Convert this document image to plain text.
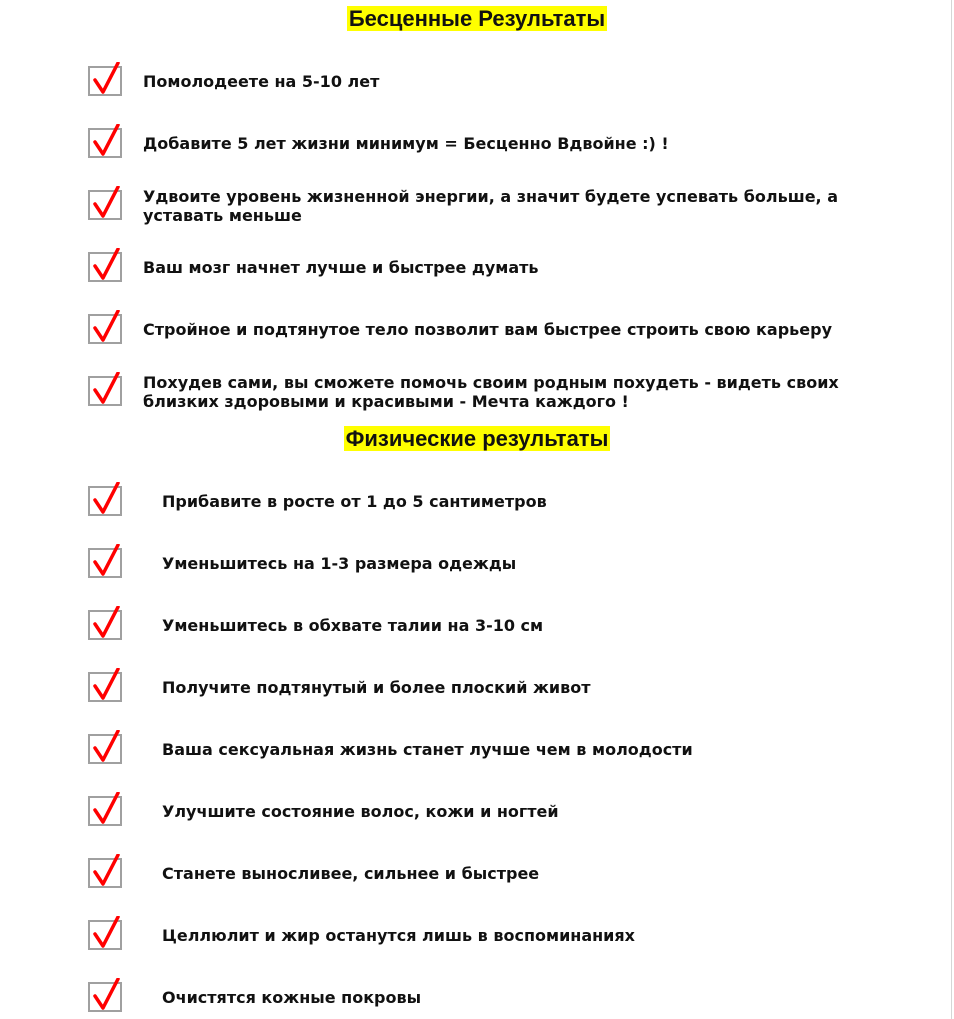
Бесценные Результаты
Помолодеете на 5-10 лет
Добавите 5 лет жизни минимум = Бесценно Вдвойне :) !
Удвоите уровень жизненной энергии, а значит будете успевать больше, а уставать меньше
Ваш мозг начнет лучше и быстрее думать
Стройное и подтянутое тело позволит вам быстрее строить свою карьеру
Похудев сами, вы сможете помочь своим родным похудеть - видеть своих близких здоровыми и красивыми - Мечта каждого !
Физические результаты
Прибавите в росте от 1 до 5 сантиметров
Уменьшитесь на 1-3 размера одежды
Уменьшитесь в обхвате талии на 3-10 см
Получите подтянутый и более плоский живот
Ваша сексуальная жизнь станет лучше чем в молодости
Улучшите состояние волос, кожи и ногтей
Станете выносливее, сильнее и быстрее
Целлюлит и жир останутся лишь в воспоминаниях
Очистятся кожные покровы
